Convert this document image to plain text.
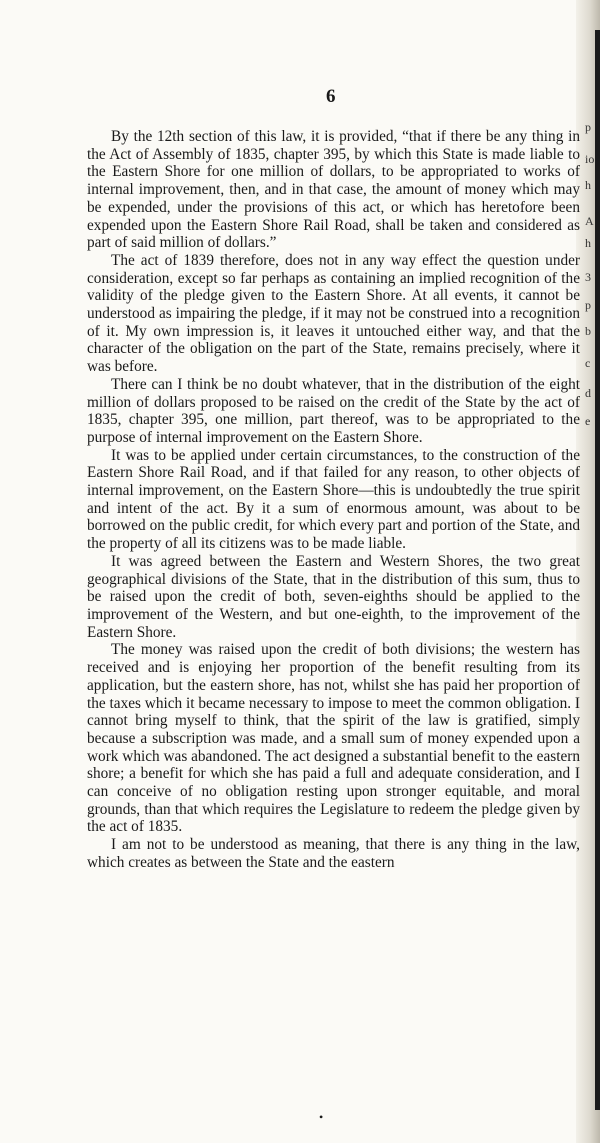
6

By the 12th section of this law, it is provided, “that if there be any thing in the Act of Assembly of 1835, chapter 395, by which this State is made liable to the Eastern Shore for one million of dollars, to be appropriated to works of internal improvement, then, and in that case, the amount of money which may be expended, under the provisions of this act, or which has heretofore been expended upon the Eastern Shore Rail Road, shall be taken and considered as part of said million of dollars.”

The act of 1839 therefore, does not in any way effect the question under consideration, except so far perhaps as containing an implied recognition of the validity of the pledge given to the Eastern Shore. At all events, it cannot be understood as impairing the pledge, if it may not be construed into a recognition of it. My own impression is, it leaves it untouched either way, and that the character of the obligation on the part of the State, remains precisely, where it was before.

There can I think be no doubt whatever, that in the distribution of the eight million of dollars proposed to be raised on the credit of the State by the act of 1835, chapter 395, one million, part thereof, was to be appropriated to the purpose of internal improvement on the Eastern Shore.

It was to be applied under certain circumstances, to the construction of the Eastern Shore Rail Road, and if that failed for any reason, to other objects of internal improvement, on the Eastern Shore—this is undoubtedly the true spirit and intent of the act. By it a sum of enormous amount, was about to be borrowed on the public credit, for which every part and portion of the State, and the property of all its citizens was to be made liable.

It was agreed between the Eastern and Western Shores, the two great geographical divisions of the State, that in the distribution of this sum, thus to be raised upon the credit of both, seven-eighths should be applied to the improvement of the Western, and but one-eighth, to the improvement of the Eastern Shore.

The money was raised upon the credit of both divisions; the western has received and is enjoying her proportion of the benefit resulting from its application, but the eastern shore, has not, whilst she has paid her proportion of the taxes which it became necessary to impose to meet the common obligation. I cannot bring myself to think, that the spirit of the law is gratified, simply because a subscription was made, and a small sum of money expended upon a work which was abandoned. The act designed a substantial benefit to the eastern shore; a benefit for which she has paid a full and adequate consideration, and I can conceive of no obligation resting upon stronger equitable, and moral grounds, than that which requires the Legislature to redeem the pledge given by the act of 1835.

I am not to be understood as meaning, that there is any thing in the law, which creates as between the State and the eastern

p
io
h
A
h
3
p
b
c
d
e
•
